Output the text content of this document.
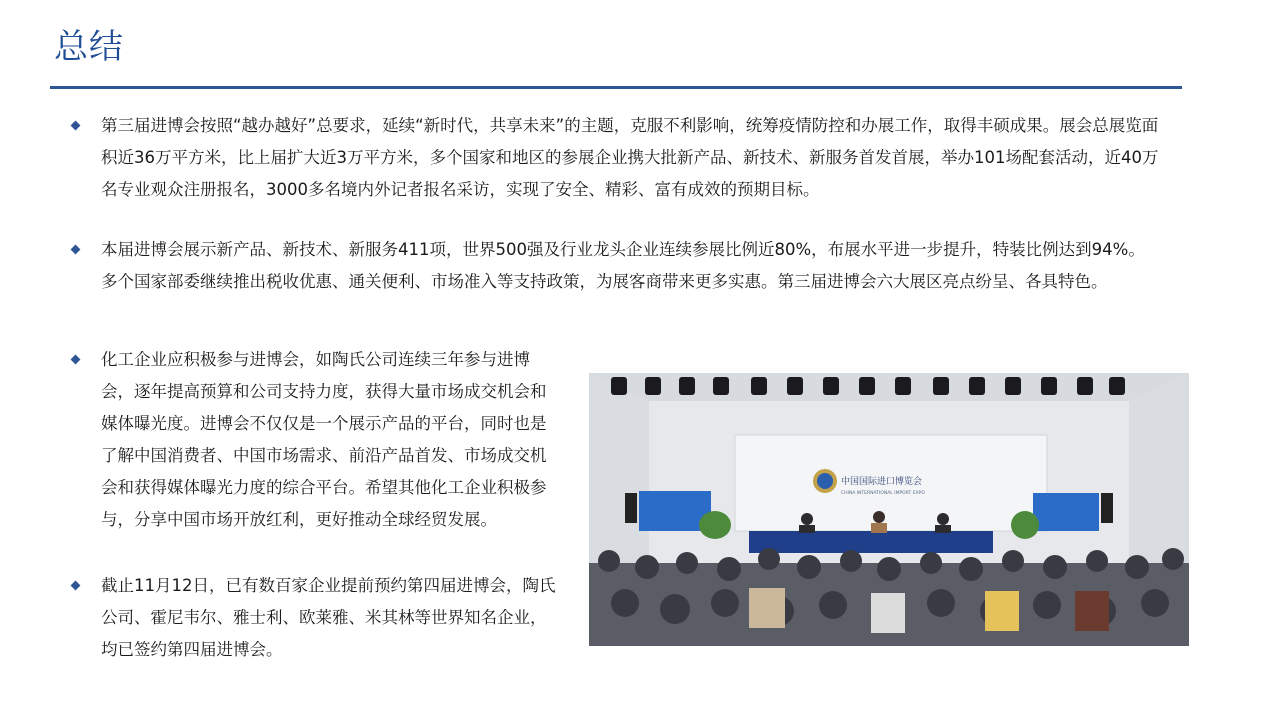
总结
第三届进博会按照“越办越好”总要求，延续“新时代，共享未来”的主题，克服不利影响，统筹疫情防控和办展工作，取得丰硕成果。展会总展览面积近36万平方米，比上届扩大近3万平方米，多个国家和地区的参展企业携大批新产品、新技术、新服务首发首展，举办101场配套活动，近40万名专业观众注册报名，3000多名境内外记者报名采访，实现了安全、精彩、富有成效的预期目标。
本届进博会展示新产品、新技术、新服务411项，世界500强及行业龙头企业连续参展比例近80%，布展水平进一步提升，特装比例达到94%。多个国家部委继续推出税收优惠、通关便利、市场准入等支持政策，为展客商带来更多实惠。第三届进博会六大展区亮点纷呈、各具特色。
化工企业应积极参与进博会，如陶氏公司连续三年参与进博会，逐年提高预算和公司支持力度，获得大量市场成交机会和媒体曝光度。进博会不仅仅是一个展示产品的平台，同时也是了解中国消费者、中国市场需求、前沿产品首发、市场成交机会和获得媒体曝光力度的综合平台。希望其他化工企业积极参与，分享中国市场开放红利，更好推动全球经贸发展。
截止11月12日，已有数百家企业提前预约第四届进博会，陶氏公司、霍尼韦尔、雅士利、欧莱雅、米其林等世界知名企业，均已签约第四届进博会。
中国国际进口博览会
CHINA INTERNATIONAL IMPORT EXPO
